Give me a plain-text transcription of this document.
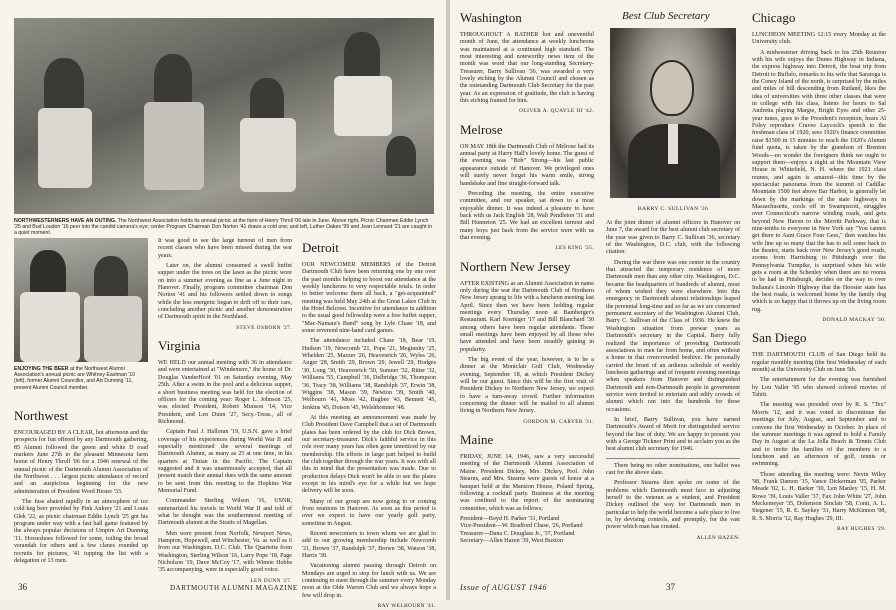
NORTHWESTERNERS HAVE AN OUTING. The Northwest Association holds its annual picnic at the farm of Henry Throll '06 late in June. Above right, Picnic Chairman Eddie Lynch '25 and Bud Loudon '16 peer into the candid camera's eye; center Program Chairman Don Norton '41 draws a cold one; and left, Luther Oakes '99 and Jean Leonard '21 are caught in a quiet moment.
ENJOYING THE BEER at the Northwest Alumni Association's annual picnic are Whitney Eastman '10 (left), former Alumni Councillor, and Art Dunning '11, present Alumni Council member.
Northwest

ENCOURAGED BY A CLEAR, hot afternoon and the prospects for fun offered by any Dartmouth gathering, 85 Alumni followed the green and white D road markers June 27th to the pleasant Minnesota farm home of Henry Throll '06 for a 1946 renewal of the annual picnic of the Dartmouth Alumni Association of the Northwest . . . largest picnic attendance of record and an auspicious beginning for the new administration of President Word Hester '33.

The fuss abated rapidly in an atmosphere of ice cold keg beer provided by Pink Ankrey '21 and Louis Glek '22, as picnic chairman Eddie Lynch '25 got his program under way with a fast ball game featured by the always popular decisions of Umpire Art Dunning '11. Horseshoes followed for some, toiling the broad verandah for others and a few clanes rounded up recruits for pictures, '41 topping the list with a delegation of 13 men.

It was good to see the large turnout of men from recent classes who have been missed during the war years.

Later on, the alumni consumed a swell buffet supper under the trees on the lawn as the picnic wore on into a summer evening as fine as a June night in Hanover. Finally, program committee chairman Don Norton '41 and his followers settled down to songs while the less energetic began to drift off to their cars, concluding another picnic and another demonstration of Dartmouth spirit in the Northland.

STEVE OSBORN '27.
Virginia

WE HELD our annual meeting with 36 in attendance and were entertained at "Windemere," the home of Dr. Douglas VanderHoof '01 on Saturday evening, May 25th. After a swim in the pool and a delicious supper, a short business meeting was held for the election of officers for the coming year: Roger L. Johnson '25, was elected President, Robert Munson '14, Vice President, and Len Dunn '27, Secy.-Treas., all of Richmond.

Captain Paul J. Halloran '19, U.S.N. gave a brief coverage of his experiences during World War II and especially mentioned the several meetings of Dartmouth Alumni, as many as 25 at one time, in his quarters at Tinian in the Pacific. The Captain suggested and it was unanimously accepted, that all present match their annual dues with the same amount to be sent from this meeting to the Hopkins War Memorial Fund.

Commander Sterling Wilson '16, USNR, summarized his travels in World War II and told of what he thought was the southernmost meeting of Dartmouth alumni at the Straits of Magellan.

Men were present from Norfolk, Newport News, Hampton, Hopewell, and Winchester, Va. as well as 6 from our Washington, D.C. Club. The Quartette from Washington, Sterling Wilson '16, Larry Pope '18, Page Nicholson '19, Dave McCoy '17, with Winnie Hobbs '35 accompanying, were in especially good voice.

LEN DUNN '27.
Detroit

OUR NEWCOMER MEMBERS of the Detroit Dartmouth Club have been returning one by one over the past months helping to boost our attendance at the weekly luncheons to very respectable totals. In order to better welcome them all back, a "get-acquainted" meeting was held May 24th at the Great Lakes Club in the Hotel Belcrest. Incentive for attendance in addition to the usual good fellowship were a free buffet supper, "Mac-Namara's Band" song by Lyle Chase '18, and some reverend nine-hand card games.

The attendance included Chase '18, Bear '19, Hudson '19, Newcomb '21, Pope '21, Meginnity '25, Whelden '25, Mazzer '26, Heavenrich '26, Wyles '26, Auger '28, Smith '29, Brown '29, Jewell '29, Hodges '30, Long '30, Heavenrich '30, Sumner '32, Ritter '32, Williams '55, Campbell '36, Delbridge '36, Thompson '36, Tracy '38, Williams '38, Randolph '37, Erwin '38, Wiggins '38, Mason '39, Newton '39, Smith '40, Welbourn '41, Moss '42, Bugbee '43, Bennett '45, Jenkins '45, Dotson '45, Welshbrenner '48.

At this meeting an announcement was made by Club President Dave Campbell that a set of Dartmouth plates has been ordered by the club for Dick Brown, our secretary-treasurer. Dick's faithful service in this role over many years has often gone unnoticed by our membership. His efforts in large part helped to build the club together through the war years. It was with all this in mind that the presentation was made. Due to production delays Dick won't be able to see the plates except in his mind's eye for a while but we hope delivery will be soon.

Many of our group are now going to or coming from reunions in Hanover. As soon as this period is over we expect to have our yearly golf party, sometime in August.

Recent newcomers to town whom we are glad to add to our growing membership include Newcomb '21, Brown '37, Randolph '37, Brown '38, Watson '38, Harris '38.

Vacationing alumni passing through Detroit on Mondays are urged to stop for lunch with us. We are continuing to meet through the summer every Monday noon at the Olde Warren Club and we always hope a few will drop in.

RAY WELBOURN '41.
36	DARTMOUTH ALUMNI MAGAZINE
Washington

THROUGHOUT A RATHER hot and uneventful month of June, the attendance at weekly luncheons was maintained at a continued high standard. The most interesting and noteworthy news item of the month was word that our long-standing Secretary-Treasurer, Barry Sullivan '36, was awarded a very lovely etching by the Alumni Council and chosen as the outstanding Dartmouth Club Secretary for the past year. As an expression of gratitude, the club is having this etching framed for him.

OLIVER A. QUAYLE III '42.
Melrose

ON MAY 18th the Dartmouth Club of Melrose had its annual party at Harry Hall's lovely home. The guest of the evening was "Bob" Strong—his last public appearance outside of Hanover. We privileged ones will surely never forget his warm smile, strong handshake and fine straight-forward talk.

Preceding the meeting, the entire executive committee, and our speaker, sat down to a most enjoyable dinner. It was indeed a pleasure to have back with us Jack English '28, Walt Pendleton '31 and Bill Hunneton '25. We had an excellent turnout and many boys just back from the service were with us that evening.

LES KING '25.
Northern New Jersey

AFTER EXISTING as an Alumni Association in name only during the war the Dartmouth Club of Northern New Jersey sprang to life with a luncheon meeting last April. Since then we have been holding regular meetings every Thursday noon at Bamberger's Restaurant. Karl Koeniger '17 and Bill Blanchard '30 among others have been regular attendants. These small meetings have been enjoyed by all those who have attended and have been steadily gaining in popularity.

The big event of the year, however, is to be a dinner at the Montclair Golf Club, Wednesday evening, September 18, at which President Dickey will be our guest. Since this will be the first visit of President Dickey to Northern New Jersey, we expect to have a turn-away crowd. Further information concerning the dinner will be mailed to all alumni living in Northern New Jersey.

GORDON M. CARVER '31.
Maine

FRIDAY, JUNE 14, 1946, saw a very successful meeting of the Dartmouth Alumni Association of Maine. President Dickey, Mrs. Dickey, Prof. John Stearns, and Mrs. Stearns were guests of honor at a banquet held at the Mansion House, Poland Spring, following a cocktail party. Business at the meeting was confined to the report of the nominating committee, which was as follows:

President—Boyd H. Parker '31, Portland
Vice-President—W. Bradford Chase, '26, Portland
Treasurer—Dana C. Douglass Jr., '37, Portland
Secretary—Allen Hazen '39, West Buxton

Best Club Secretary
BARRY C. SULLIVAN '36

At the joint dinner of alumni officers in Hanover on June 7, the award for the best alumni club secretary of the year was given to Barry C. Sullivan '36, secretary of the Washington, D.C. club, with the following citation:

During the war there was one center in the country that attracted the temporary residence of more Dartmouth men than any other city. Washington, D.C. became the headquarters of hundreds of alumni, most of whom wished they were elsewhere. Into this emergency in Dartmouth alumni relationships leaped the perennial long-time and so far as we are concerned permanent secretary of the Washington Alumni Club, Barry C. Sullivan of the Class of 1936. He knew the Washington situation from prewar years as Dartmouth's secretary in the Capital. Barry fully realized the importance of providing Dartmouth associations to men far from home, and often without a home in that overcrowded beehive. He personally carried the brunt of an arduous schedule of weekly luncheon gatherings and of frequent evening meetings when speakers from Hanover and distinguished Dartmouth and non-Dartmouth people in government service were invited to entertain and edify crowds of alumni which ran into the hundreds for these occasions.

In brief, Barry Sullivan, you have earned Dartmouth's Award of Merit for distinguished service beyond the line of duty. We are happy to present you with a George Ticknor Print and to acclaim you as the best alumni club secretary for 1946.

There being no other nominations, one ballot was cast for the above slate.

Professor Stearns then spoke on some of the problems which Dartmouth must face in adjusting herself to the veteran as a student, and President Dickey outlined the way for Dartmouth men in particular to help the world become a safe place to live in, by devising controls, and promptly, for the vast power which man has created.

ALLEN HAZEN.
Chicago

LUNCHEON MEETING 12:15 every Monday at the University club.

A midwestener driving back to his 25th Reunion with his wife enjoys the Dunes Highway in Indiana, the express highway into Detroit, the boat trip from Detroit to Buffalo, remarks to his wife that Saratoga is the Coney Island of the north, is surprised by the miles and miles of hill descending from Rutland, likes the idea of universities with three other classes that were in college with his class, listens for hours to Sal Andretta playing Margie, Bright Eyes and other 25-year tunes, goes to the President's reception, hears Al Foley reproduce Cravee Laycock's speech to the freshman class of 1920, sees 1920's finance committee raise $1500 in 15 minutes to reach the 1920's Alumni fund quota, is taken by the grandson of Brenton Woods—no wonder the foreigners think we ought to support them—enjoys a night at the Mountain View House in Whitefield, N. H. where the 1921 class reunes, and again is amazed—this time by the spectacular panorama from the summit of Cadillac Mountain 1500 feet above Bar Harbor, is generally let down by the markings of the state highways in Massachusetts, cools off in Swampscott, struggles over Connecticut's narrow winding roads, and gets beyond New Haven to the Merritt Parkway, that is nine-tenths to everyone in New York say "You cannot get there to Aunt Grace Four Gees," then watches his wife line up so many that the has to sell some back to the theatre, starts back over New Jersey's good roads, zooms from Harrisburg to Pittsburgh over the Pennsylvania Turnpike, is surprised when his wife gets a room at the Schenley when there are no rooms to be had in Pittsburgh, decides on the way to over Indiana's Lincoln Highway that the Hoosier state has the best roads, is welcomed home by the family dog which is so happy that it throws up on the living room rug.

DONALD MACKAY '30.
San Diego

THE DARTMOUTH CLUB of San Diego held its regular monthly meeting (the first Wednesday of each month) at the University Club on June 5th.

The entertainment for the evening was furnished by Lou Valler '95 who showed colored movies of Tahiti.

The meeting was presided over by R. S. "Tex" Morris '12, and it was voted to discontinue the meetings for July, August, and September and to convene the first Wednesday in October. In place of the summer meetings it was agreed to hold a Family Day in August at the La Jolla Beach & Tennis Club and to invite the families of the members to a luncheon and an afternoon of golf, tennis or swimming.

Those attending the meeting were: Nevin Wiley '98, Frank Damon '15, Vance Dickerman '95, Parker Meade '02, L. H. Barker '30, Len Manley '15, H. M. Rowe '39, Louis Valler '37, Fax John White '27, John Meckemeyer '35, Dohenson Sinclair '58, Conti, A. L. Siegener '15, R. E. Saykey '31, Harry McKinnon '08, R. S. Morris '12, Ray Hughes '29, III.

RAY HUGHES '29.
Issue of AUGUST 1946	37
